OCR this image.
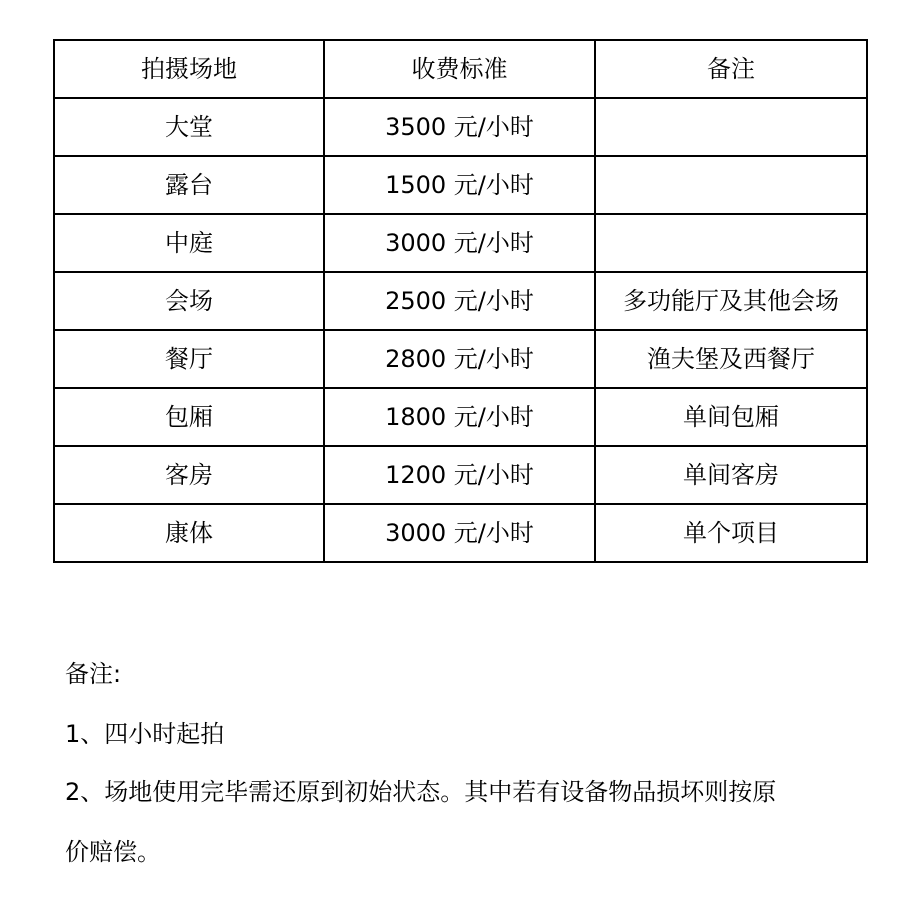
拍摄场地	收费标准	备注
大堂	3500 元/小时	
露台	1500 元/小时	
中庭	3000 元/小时	
会场	2500 元/小时	多功能厅及其他会场
餐厅	2800 元/小时	渔夫堡及西餐厅
包厢	1800 元/小时	单间包厢
客房	1200 元/小时	单间客房
康体	3000 元/小时	单个项目
备注:
1、四小时起拍
2、场地使用完毕需还原到初始状态。其中若有设备物品损坏则按原
价赔偿。
